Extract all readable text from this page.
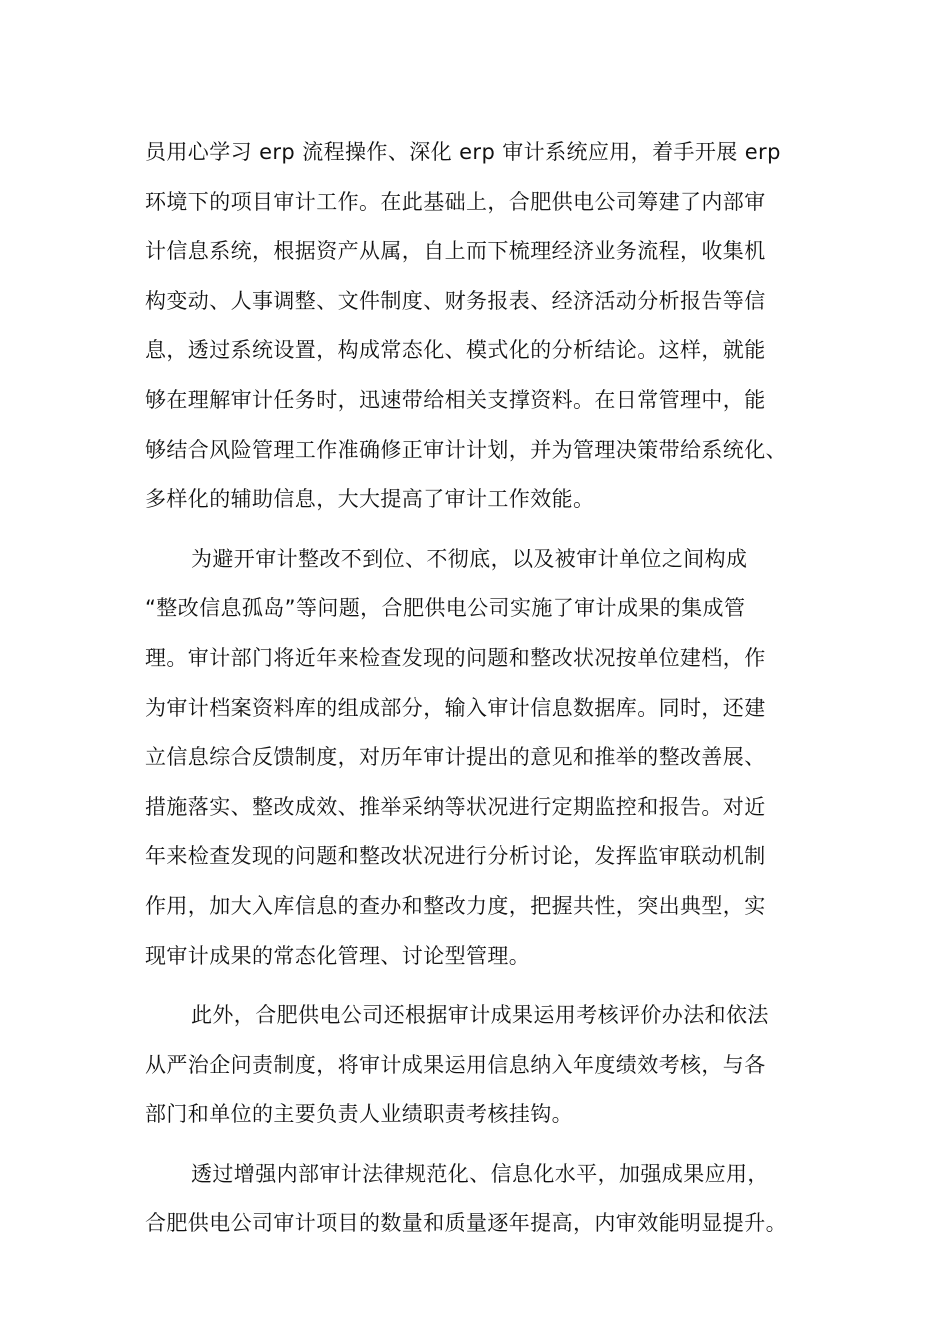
员用心学习 erp 流程操作、深化 erp 审计系统应用，着手开展 erp
环境下的项目审计工作。在此基础上，合肥供电公司筹建了内部审
计信息系统，根据资产从属，自上而下梳理经济业务流程，收集机
构变动、人事调整、文件制度、财务报表、经济活动分析报告等信
息，透过系统设置，构成常态化、模式化的分析结论。这样，就能
够在理解审计任务时，迅速带给相关支撑资料。在日常管理中，能
够结合风险管理工作准确修正审计计划，并为管理决策带给系统化、
多样化的辅助信息，大大提高了审计工作效能。
为避开审计整改不到位、不彻底，以及被审计单位之间构成
“整改信息孤岛”等问题，合肥供电公司实施了审计成果的集成管
理。审计部门将近年来检查发现的问题和整改状况按单位建档，作
为审计档案资料库的组成部分，输入审计信息数据库。同时，还建
立信息综合反馈制度，对历年审计提出的意见和推举的整改善展、
措施落实、整改成效、推举采纳等状况进行定期监控和报告。对近
年来检查发现的问题和整改状况进行分析讨论，发挥监审联动机制
作用，加大入库信息的查办和整改力度，把握共性，突出典型，实
现审计成果的常态化管理、讨论型管理。
此外，合肥供电公司还根据审计成果运用考核评价办法和依法
从严治企问责制度，将审计成果运用信息纳入年度绩效考核，与各
部门和单位的主要负责人业绩职责考核挂钩。
透过增强内部审计法律规范化、信息化水平，加强成果应用，
合肥供电公司审计项目的数量和质量逐年提高，内审效能明显提升。
